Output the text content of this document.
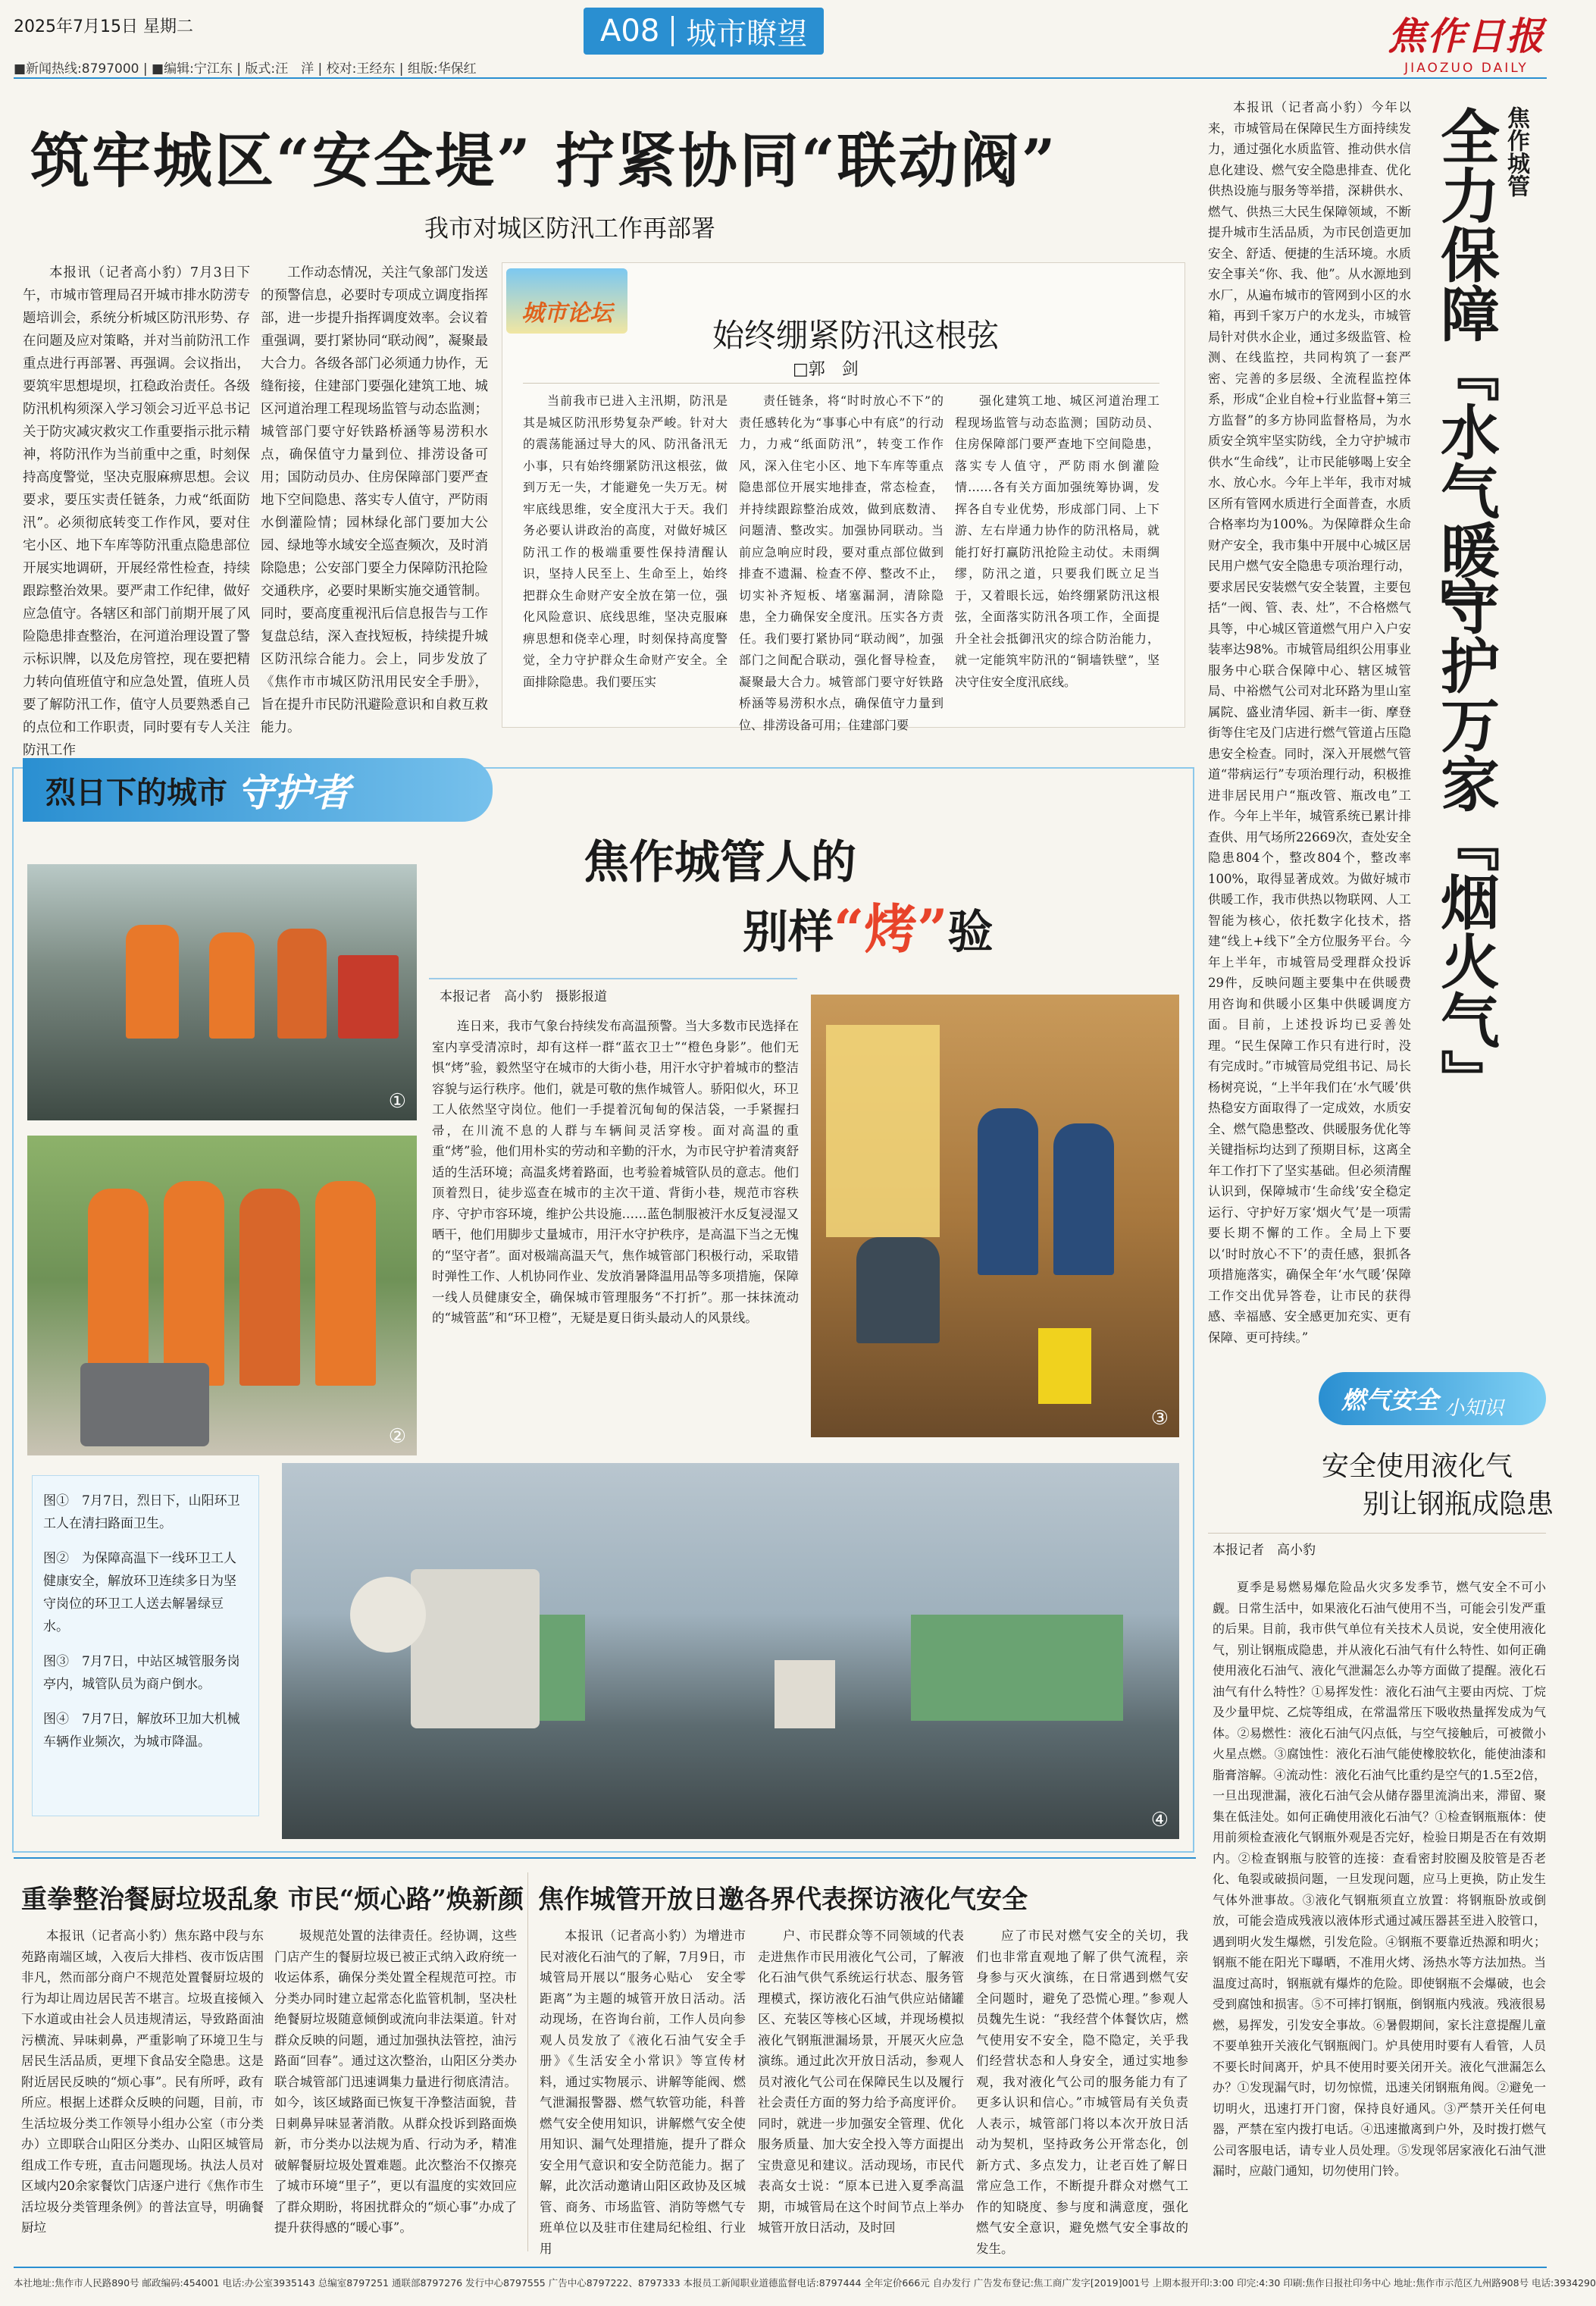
2025年7月15日 星期二	A08 城市瞭望
■新闻热线:8797000 | ■编辑:宁江东 | 版式:汪　洋 | 校对:王经东 | 组版:华保红
焦作日报
JIAOZUO DAILY
筑牢城区“安全堤” 拧紧协同“联动阀”
我市对城区防汛工作再部署

本报讯（记者高小豹）7月3日下午，市城市管理局召开城市排水防涝专题培训会，系统分析城区防汛形势、存在问题及应对策略，并对当前防汛工作重点进行再部署、再强调。会议指出，要筑牢思想堤坝，扛稳政治责任。各级防汛机构须深入学习领会习近平总书记关于防灾减灾救灾工作重要指示批示精神，将防汛作为当前重中之重，时刻保持高度警觉，坚决克服麻痹思想。会议要求，要压实责任链条，力戒“纸面防汛”。必须彻底转变工作作风，要对住宅小区、地下车库等防汛重点隐患部位开展实地调研，开展经常性检查，持续跟踪整治效果。要严肃工作纪律，做好应急值守。各辖区和部门前期开展了风险隐患排查整治，在河道治理设置了警示标识牌，以及危房管控，现在要把精力转向值班值守和应急处置，值班人员要了解防汛工作，值守人员要熟悉自己的点位和工作职责，同时要有专人关注防汛工作

工作动态情况，关注气象部门发送的预警信息，必要时专项成立调度指挥部，进一步提升指挥调度效率。会议着重强调，要打紧协同“联动阀”，凝聚最大合力。各级各部门必须通力协作，无缝衔接，住建部门要强化建筑工地、城区河道治理工程现场监管与动态监测；城管部门要守好铁路桥涵等易涝积水点，确保值守力量到位、排涝设备可用；国防动员办、住房保障部门要严查地下空间隐患、落实专人值守，严防雨水倒灌险情；园林绿化部门要加大公园、绿地等水域安全巡查频次，及时消除隐患；公安部门要全力保障防汛抢险交通秩序，必要时果断实施交通管制。同时，要高度重视汛后信息报告与工作复盘总结，深入查找短板，持续提升城区防汛综合能力。会上，同步发放了《焦作市市城区防汛用民安全手册》，旨在提升市民防汛避险意识和自救互救能力。

城市论坛
始终绷紧防汛这根弦
□郭　剑

当前我市已进入主汛期，防汛是其是城区防汛形势复杂严峻。针对大的震荡能涵过导大的风、防汛备汛无小事，只有始终绷紧防汛这根弦，做到万无一失，才能避免一失万无。树牢底线思维，安全度汛大于天。我们务必要认讲政治的高度，对做好城区防汛工作的极端重要性保持清醒认识，坚持人民至上、生命至上，始终把群众生命财产安全放在第一位，强化风险意识、底线思维，坚决克服麻痹思想和侥幸心理，时刻保持高度警觉，全力守护群众生命财产安全。全面排除隐患。我们要压实

责任链条，将“时时放心不下”的责任感转化为“事事心中有底”的行动力，力戒“纸面防汛”，转变工作作风，深入住宅小区、地下车库等重点隐患部位开展实地排查，常态检查，并持续跟踪整治成效，做到底数清、问题清、整改实。加强协同联动。当前应急响应时段，要对重点部位做到排查不遗漏、检查不停、整改不止，切实补齐短板、堵塞漏洞，清除隐患，全力确保安全度汛。压实各方责任。我们要打紧协同“联动阀”，加强部门之间配合联动，强化督导检查，凝聚最大合力。城管部门要守好铁路桥涵等易涝积水点，确保值守力量到位、排涝设备可用；住建部门要

强化建筑工地、城区河道治理工程现场监管与动态监测；国防动员、住房保障部门要严查地下空间隐患，落实专人值守，严防雨水倒灌险情……各有关方面加强统筹协调，发挥各自专业优势，形成部门同、上下游、左右岸通力协作的防汛格局，就能打好打赢防汛抢险主动仗。未雨绸缪，防汛之道，只要我们既立足当于，又着眼长远，始终绷紧防汛这根弦，全面落实防汛各项工作，全面提升全社会抵御汛灾的综合防治能力，就一定能筑牢防汛的“铜墙铁壁”，坚决守住安全度汛底线。

烈日下的城市 守护者
焦作城管人的
别样“烤”验
①
②
③
④
本报记者　高小豹　摄影报道

连日来，我市气象台持续发布高温预警。当大多数市民选择在室内享受清凉时，却有这样一群“蓝衣卫士”“橙色身影”。他们无惧“烤”验，毅然坚守在城市的大街小巷，用汗水守护着城市的整洁容貌与运行秩序。他们，就是可敬的焦作城管人。骄阳似火，环卫工人依然坚守岗位。他们一手提着沉甸甸的保洁袋，一手紧握扫帚，在川流不息的人群与车辆间灵活穿梭。面对高温的重重“烤”验，他们用朴实的劳动和辛勤的汗水，为市民守护着清爽舒适的生活环境；高温炙烤着路面，也考验着城管队员的意志。他们顶着烈日，徒步巡查在城市的主次干道、背街小巷，规范市容秩序、守护市容环境，维护公共设施……蓝色制服被汗水反复浸湿又晒干，他们用脚步丈量城市，用汗水守护秩序，是高温下当之无愧的“坚守者”。面对极端高温天气，焦作城管部门积极行动，采取错时弹性工作、人机协同作业、发放消暑降温用品等多项措施，保障一线人员健康安全，确保城市管理服务“不打折”。那一抹抹流动的“城管蓝”和“环卫橙”，无疑是夏日街头最动人的风景线。

图①　7月7日，烈日下，山阳环卫工人在清扫路面卫生。
图②　为保障高温下一线环卫工人健康安全，解放环卫连续多日为坚守岗位的环卫工人送去解暑绿豆水。
图③　7月7日，中站区城管服务岗亭内，城管队员为商户倒水。
图④　7月7日，解放环卫加大机械车辆作业频次，为城市降温。
焦作城管
全力保障『水气暖』
守护万家『烟火气』

本报讯（记者高小豹）今年以来，市城管局在保障民生方面持续发力，通过强化水质监管、推动供水信息化建设、燃气安全隐患排查、优化供热设施与服务等举措，深耕供水、燃气、供热三大民生保障领域，不断提升城市生活品质，为市民创造更加安全、舒适、便捷的生活环境。水质安全事关“你、我、他”。从水源地到水厂，从遍布城市的管网到小区的水箱，再到千家万户的水龙头，市城管局针对供水企业，通过多级监管、检测、在线监控，共同构筑了一套严密、完善的多层级、全流程监控体系，形成“企业自检+行业监督+第三方监督”的多方协同监督格局，为水质安全筑牢坚实防线，全力守护城市供水“生命线”，让市民能够喝上安全水、放心水。今年上半年，我市对城区所有管网水质进行全面普查，水质合格率均为100%。为保障群众生命财产安全，我市集中开展中心城区居民用户燃气安全隐患专项治理行动，要求居民安装燃气安全装置，主要包括“一阀、管、表、灶”，不合格燃气具等，中心城区管道燃气用户入户安装率达98%。市城管局组织公用事业服务中心联合保障中心、辖区城管局、中裕燃气公司对北环路为里山室属院、盛业清华园、新丰一街、摩登街等住宅及门店进行燃气管道占压隐患安全检查。同时，深入开展燃气管道“带病运行”专项治理行动，积极推进非居民用户“瓶改管、瓶改电”工作。今年上半年，城管系统已累计排查供、用气场所22669次，查处安全隐患804个，整改804个，整改率100%，取得显著成效。为做好城市供暖工作，我市供热以物联网、人工智能为核心，依托数字化技术，搭建“线上+线下”全方位服务平台。今年上半年，市城管局受理群众投诉29件，反映问题主要集中在供暖费用咨询和供暖小区集中供暖调度方面。目前，上述投诉均已妥善处理。“民生保障工作只有进行时，没有完成时。”市城管局党组书记、局长杨树亮说，“上半年我们在‘水气暖’供热稳安方面取得了一定成效，水质安全、燃气隐患整改、供暖服务优化等关键指标均达到了预期目标，这离全年工作打下了坚实基础。但必须清醒认识到，保障城市‘生命线’安全稳定运行、守护好万家‘烟火气’是一项需要长期不懈的工作。全局上下要以‘时时放心不下’的责任感，狠抓各项措施落实，确保全年‘水气暖’保障工作交出优异答卷，让市民的获得感、幸福感、安全感更加充实、更有保障、更可持续。”

燃气安全 小知识
安全使用液化气
别让钢瓶成隐患
本报记者　高小豹

夏季是易燃易爆危险品火灾多发季节，燃气安全不可小觑。日常生活中，如果液化石油气使用不当，可能会引发严重的后果。目前，我市供气单位有关技术人员说，安全使用液化气，别让钢瓶成隐患，并从液化石油气有什么特性、如何正确使用液化石油气、液化气泄漏怎么办等方面做了提醒。液化石油气有什么特性？①易挥发性：液化石油气主要由丙烷、丁烷及少量甲烷、乙烷等组成，在常温常压下吸收热量挥发成为气体。②易燃性：液化石油气闪点低，与空气接触后，可被微小火星点燃。③腐蚀性：液化石油气能使橡胶软化，能使油漆和脂膏溶解。④流动性：液化石油气比重约是空气的1.5至2倍，一旦出现泄漏，液化石油气会从储存器里流淌出来，滞留、聚集在低洼处。如何正确使用液化石油气？①检查钢瓶瓶体：使用前须检查液化气钢瓶外观是否完好，检验日期是否在有效期内。②检查钢瓶与胶管的连接：查看密封胶圈及胶管是否老化、龟裂或破损问题，一旦发现问题，应马上更换，防止发生气体外泄事故。③液化气钢瓶须直立放置：将钢瓶卧放或倒放，可能会造成残液以液体形式通过减压器甚至进入胶管口，遇到明火发生爆燃，引发危险。④钢瓶不要靠近热源和明火；钢瓶不能在阳光下曝晒，不准用火烤、汤热水等方法加热。当温度过高时，钢瓶就有爆炸的危险。即使钢瓶不会爆破，也会受到腐蚀和损害。⑤不可摔打钢瓶，倒钢瓶内残液。残液很易燃，易挥发，引发安全事故。⑥暑假期间，家长注意提醒儿童不要单独开关液化气钢瓶阀门。炉具使用时要有人看管，人员不要长时间离开，炉具不使用时要关闭开关。液化气泄漏怎么办？①发现漏气时，切勿惊慌，迅速关闭钢瓶角阀。②避免一切明火，迅速打开门窗，保持良好通风。③严禁开关任何电器，严禁在室内拨打电话。④迅速撤离到户外，及时拨打燃气公司客服电话，请专业人员处理。⑤发现邻居家液化石油气泄漏时，应敲门通知，切勿使用门铃。

重拳整治餐厨垃圾乱象 市民“烦心路”焕新颜

本报讯（记者高小豹）焦东路中段与东苑路南端区域，入夜后大排档、夜市饭店围非凡，然而部分商户不规范处置餐厨垃圾的行为却让周边居民苦不堪言。垃圾直接倾入下水道或由社会人员违规清运，导致路面油污横流、异味刺鼻，严重影响了环境卫生与居民生活品质，更埋下食品安全隐患。这是附近居民反映的“烦心事”。民有所呼，政有所应。根据上述群众反映的问题，目前，市生活垃圾分类工作领导小组办公室（市分类办）立即联合山阳区分类办、山阳区城管局组成工作专班，直击问题现场。执法人员对区域内20余家餐饮门店逐户进行《焦作市生活垃圾分类管理条例》的普法宣导，明确餐厨垃

圾规范处置的法律责任。经协调，这些门店产生的餐厨垃圾已被正式纳入政府统一收运体系，确保分类处置全程规范可控。市分类办同时建立起常态化监管机制，坚决杜绝餐厨垃圾随意倾倒或流向非法渠道。针对群众反映的问题，通过加强执法管控，油污路面“回春”。通过这次整治，山阳区分类办联合城管部门迅速调集力量进行彻底清洁。如今，该区域路面已恢复干净整洁面貌，昔日刺鼻异味显著消散。从群众投诉到路面焕新，市分类办以法规为盾、行动为矛，精准破解餐厨垃圾处置难题。此次整治不仅擦亮了城市环境“里子”，更以有温度的实效回应了群众期盼，将困扰群众的“烦心事”办成了提升获得感的“暖心事”。

焦作城管开放日邀各界代表探访液化气安全

本报讯（记者高小豹）为增进市民对液化石油气的了解，7月9日，市城管局开展以“服务心贴心　安全零距离”为主题的城管开放日活动。活动现场，在咨询台前，工作人员向参观人员发放了《液化石油气安全手册》《生活安全小常识》等宣传材料，通过实物展示、讲解等能阀、燃气泄漏报警器、燃气软管功能，科普燃气安全使用知识，讲解燃气安全使用知识、漏气处理措施，提升了群众安全用气意识和安全防范能力。据了解，此次活动邀请山阳区政协及区城管、商务、市场监管、消防等燃气专班单位以及驻市住建局纪检组、行业用

户、市民群众等不同领域的代表走进焦作市民用液化气公司，了解液化石油气供气系统运行状态、服务管理模式，探访液化石油气供应站储罐区、充装区等核心区域，并现场模拟液化气钢瓶泄漏场景，开展灭火应急演练。通过此次开放日活动，参观人员对液化气公司在保障民生以及履行社会责任方面的努力给予高度评价。同时，就进一步加强安全管理、优化服务质量、加大安全投入等方面提出宝贵意见和建议。活动现场，市民代表高女士说：“原本已进入夏季高温期，市城管局在这个时间节点上举办城管开放日活动，及时回

应了市民对燃气安全的关切，我们也非常直观地了解了供气流程，亲身参与灭火演练，在日常遇到燃气安全问题时，避免了恐慌心理。”参观人员魏先生说：“我经营个体餐饮店，燃气使用安不安全，隐不隐定，关乎我们经营状态和人身安全，通过实地参观，我对液化气公司的服务能力有了更多认识和信心。”市城管局有关负责人表示，城管部门将以本次开放日活动为契机，坚持政务公开常态化，创新方式、多点发力，让老百姓了解日常应急工作，不断提升群众对燃气工作的知晓度、参与度和满意度，强化燃气安全意识，避免燃气安全事故的发生。

本社地址:焦作市人民路890号 邮政编码:454001 电话:办公室3935143 总编室8797251 通联部8797276 发行中心8797555 广告中心8797222、8797333 本报员工新闻职业道德监督电话:8797444 全年定价666元 自办发行 广告发布登记:焦工商广发字[2019]001号 上期本报开印:3:00 印完:4:30 印刷:焦作日报社印务中心 地址:焦作市示范区九州路908号 电话:3934290
